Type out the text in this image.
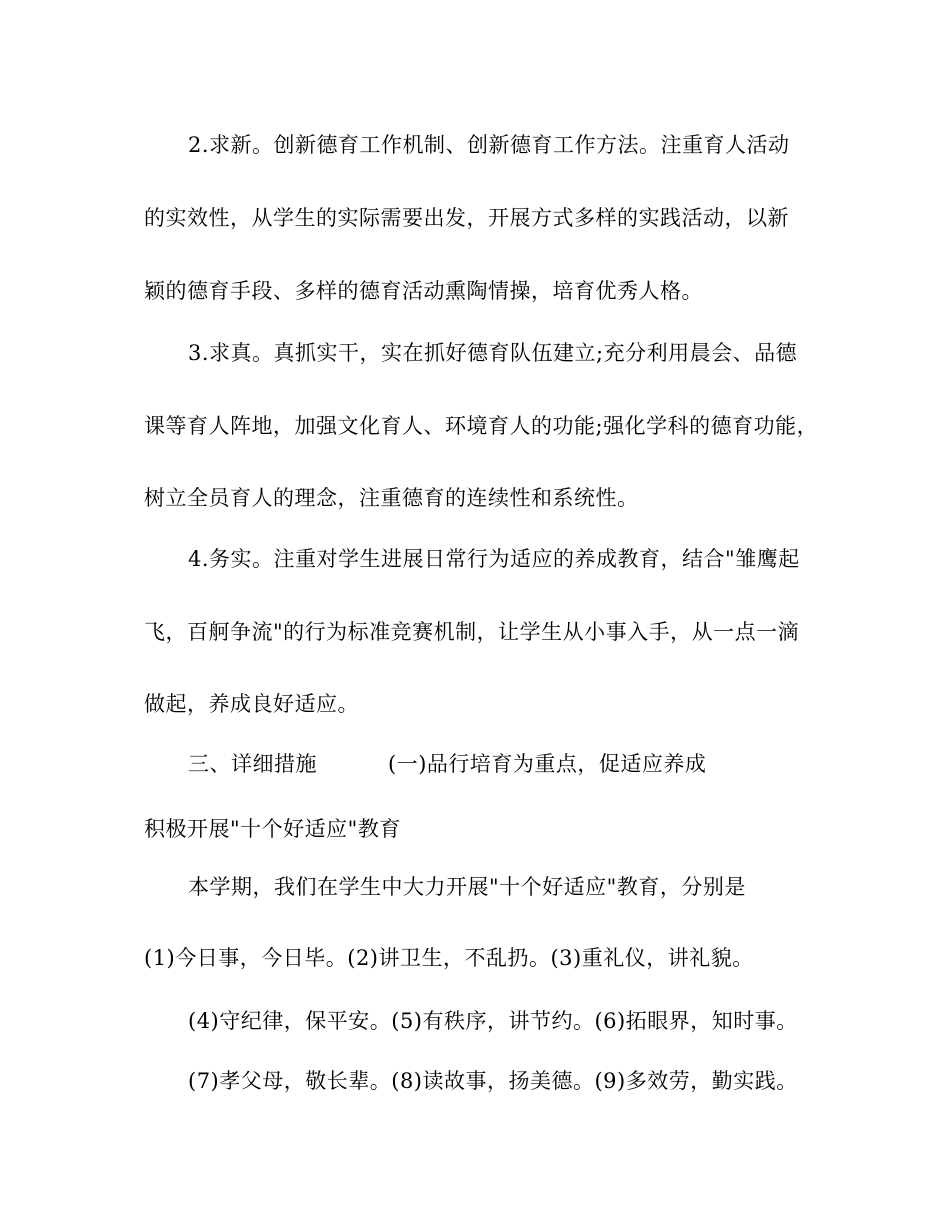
2.求新。创新德育工作机制、创新德育工作方法。注重育人活动
的实效性，从学生的实际需要出发，开展方式多样的实践活动，以新
颖的德育手段、多样的德育活动熏陶情操，培育优秀人格。
3.求真。真抓实干，实在抓好德育队伍建立;充分利用晨会、品德
课等育人阵地，加强文化育人、环境育人的功能;强化学科的德育功能，
树立全员育人的理念，注重德育的连续性和系统性。
4.务实。注重对学生进展日常行为适应的养成教育，结合"雏鹰起
飞，百舸争流"的行为标准竞赛机制，让学生从小事入手，从一点一滴
做起，养成良好适应。
三、详细措施	(一)品行培育为重点，促适应养成
积极开展"十个好适应"教育
本学期，我们在学生中大力开展"十个好适应"教育，分别是
(1)今日事，今日毕。(2)讲卫生，不乱扔。(3)重礼仪，讲礼貌。
(4)守纪律，保平安。(5)有秩序，讲节约。(6)拓眼界，知时事。
(7)孝父母，敬长辈。(8)读故事，扬美德。(9)多效劳，勤实践。
